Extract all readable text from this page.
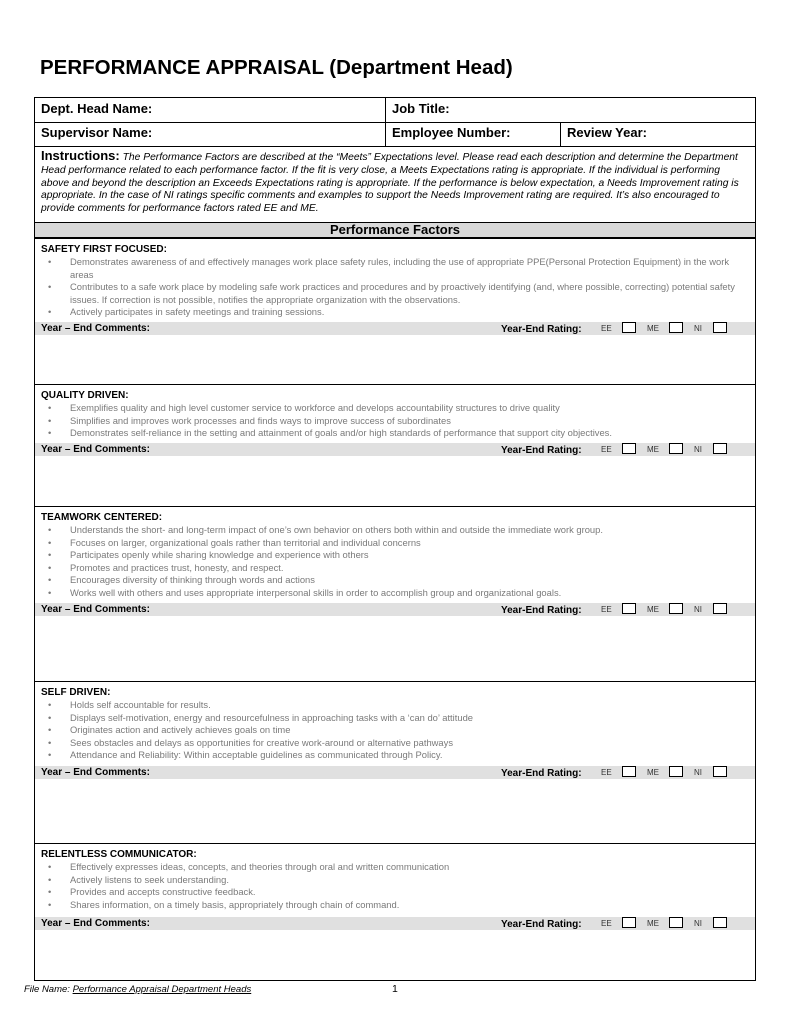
PERFORMANCE APPRAISAL (Department Head)
Dept. Head Name:	Job Title:
Supervisor Name:	Employee Number:	Review Year:
Instructions: The Performance Factors are described at the “Meets” Expectations level. Please read each description and determine the Department Head performance related to each performance factor. If the fit is very close, a Meets Expectations rating is appropriate. If the individual is performing above and beyond the description an Exceeds Expectations rating is appropriate. If the performance is below expectation, a Needs Improvement rating is appropriate. In the case of NI ratings specific comments and examples to support the Needs Improvement rating are required. It’s also encouraged to provide comments for performance factors rated EE and ME.
Performance Factors
SAFETY FIRST FOCUSED:
• Demonstrates awareness of and effectively manages work place safety rules, including the use of appropriate PPE(Personal Protection Equipment) in the work areas
• Contributes to a safe work place by modeling safe work practices and procedures and by proactively identifying (and, where possible, correcting) potential safety issues. If correction is not possible, notifies the appropriate organization with the observations.
• Actively participates in safety meetings and training sessions.
Year – End Comments:	Year-End Rating: EE	ME	NI
QUALITY DRIVEN:
• Exemplifies quality and high level customer service to workforce and develops accountability structures to drive quality
• Simplifies and improves work processes and finds ways to improve success of subordinates
• Demonstrates self-reliance in the setting and attainment of goals and/or high standards of performance that support city objectives.
Year – End Comments:	Year-End Rating: EE	ME	NI
TEAMWORK CENTERED:
• Understands the short- and long-term impact of one’s own behavior on others both within and outside the immediate work group.
• Focuses on larger, organizational goals rather than territorial and individual concerns
• Participates openly while sharing knowledge and experience with others
• Promotes and practices trust, honesty, and respect.
• Encourages diversity of thinking through words and actions
• Works well with others and uses appropriate interpersonal skills in order to accomplish group and organizational goals.
Year – End Comments:	Year-End Rating: EE	ME	NI
SELF DRIVEN:
• Holds self accountable for results.
• Displays self-motivation, energy and resourcefulness in approaching tasks with a ‘can do’ attitude
• Originates action and actively achieves goals on time
• Sees obstacles and delays as opportunities for creative work-around or alternative pathways
• Attendance and Reliability: Within acceptable guidelines as communicated through Policy.
Year – End Comments:	Year-End Rating: EE	ME	NI
RELENTLESS COMMUNICATOR:
• Effectively expresses ideas, concepts, and theories through oral and written communication
• Actively listens to seek understanding.
• Provides and accepts constructive feedback.
• Shares information, on a timely basis, appropriately through chain of command.
Year – End Comments:	Year-End Rating: EE	ME	NI
File Name: Performance Appraisal Department Heads	1
